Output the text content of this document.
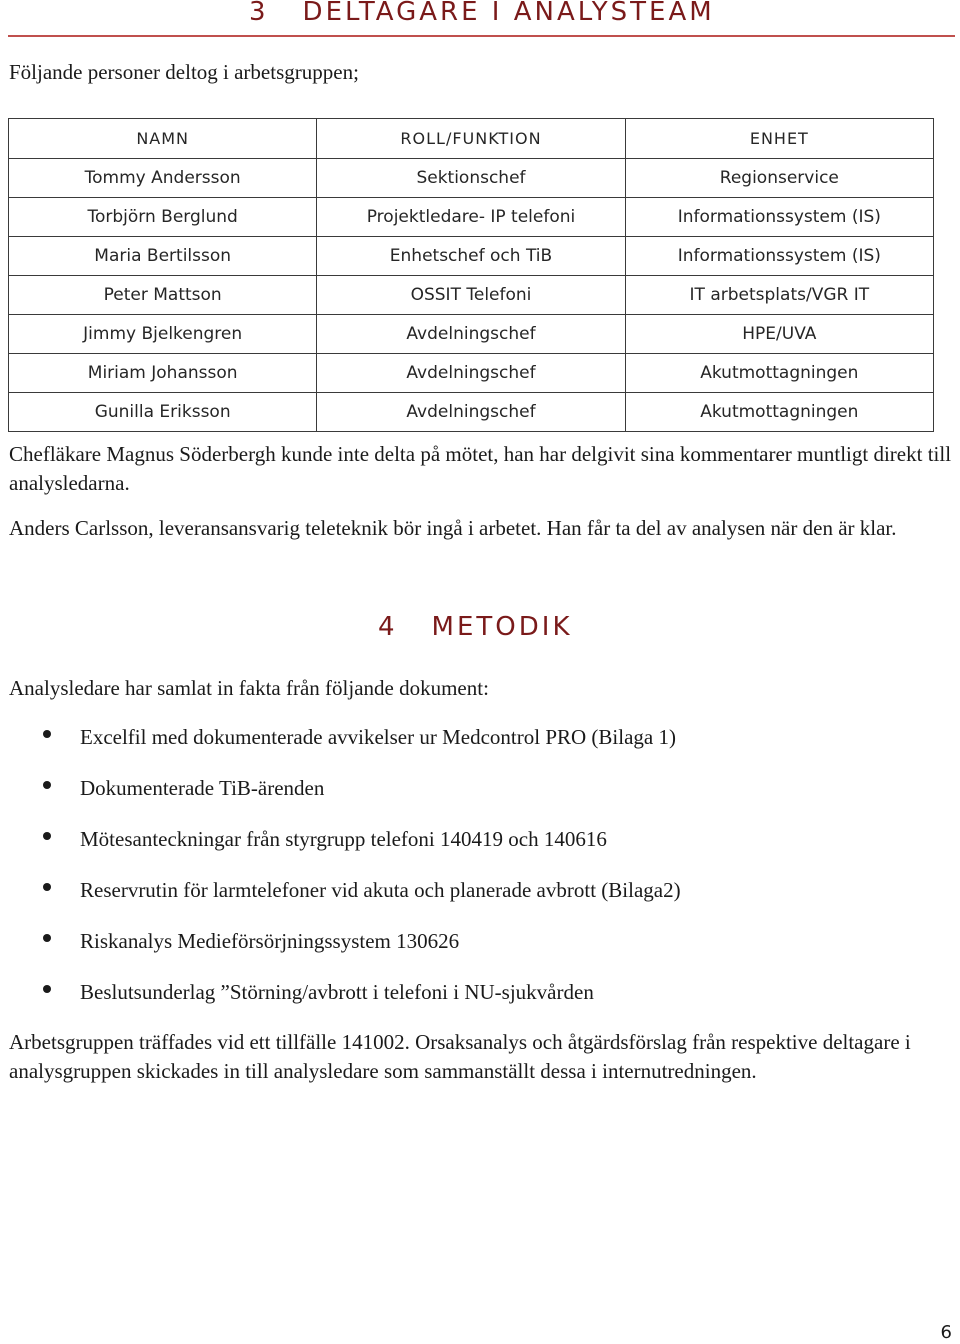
3 DELTAGARE I ANALYSTEAM

Följande personer deltog i arbetsgruppen;

NAMN	ROLL/FUNKTION	ENHET
Tommy Andersson	Sektionschef	Regionservice
Torbjörn Berglund	Projektledare- IP telefoni	Informationssystem (IS)
Maria Bertilsson	Enhetschef och TiB	Informationssystem (IS)
Peter Mattson	OSSIT Telefoni	IT arbetsplats/VGR IT
Jimmy Bjelkengren	Avdelningschef	HPE/UVA
Miriam Johansson	Avdelningschef	Akutmottagningen
Gunilla Eriksson	Avdelningschef	Akutmottagningen

Chefläkare Magnus Söderbergh kunde inte delta på mötet, han har delgivit sina kommentarer muntligt direkt till analysledarna.

Anders Carlsson, leveransansvarig teleteknik bör ingå i arbetet. Han får ta del av analysen när den är klar.

4 METODIK

Analysledare har samlat in fakta från följande dokument:

Excelfil med dokumenterade avvikelser ur Medcontrol PRO (Bilaga 1)
Dokumenterade TiB-ärenden
Mötesanteckningar från styrgrupp telefoni 140419 och 140616
Reservrutin för larmtelefoner vid akuta och planerade avbrott (Bilaga2)
Riskanalys Medieförsörjningssystem 130626
Beslutsunderlag ”Störning/avbrott i telefoni i NU-sjukvården

Arbetsgruppen träffades vid ett tillfälle 141002. Orsaksanalys och åtgärdsförslag från respektive deltagare i analysgruppen skickades in till analysledare som sammanställt dessa i internutredningen.

6
